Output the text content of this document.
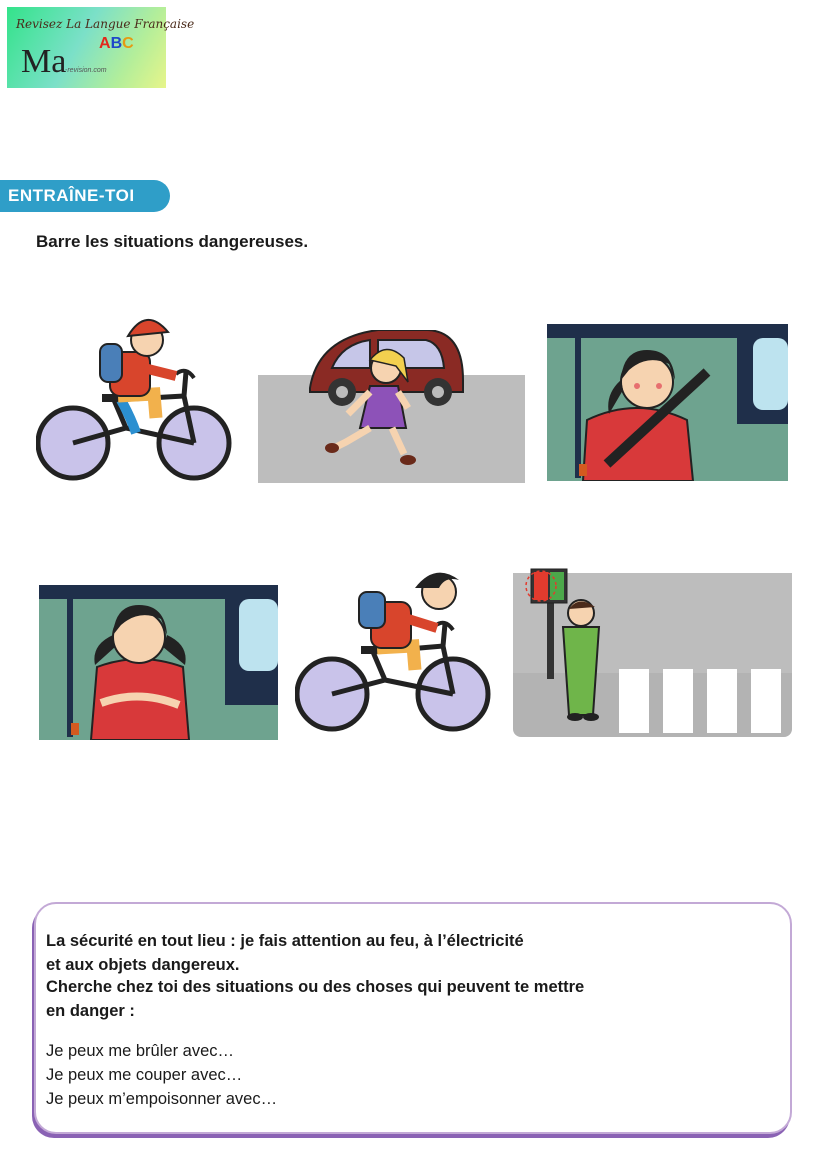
Revisez La Langue Française
Ma ABC
-revision.com
ENTRAÎNE-TOI
Barre les situations dangereuses.
La sécurité en tout lieu : je fais attention au feu, à l’électricité
et aux objets dangereux.
Cherche chez toi des situations ou des choses qui peuvent te mettre
en danger :
Je peux me brûler avec…
Je peux me couper avec…
Je peux m’empoisonner avec…
